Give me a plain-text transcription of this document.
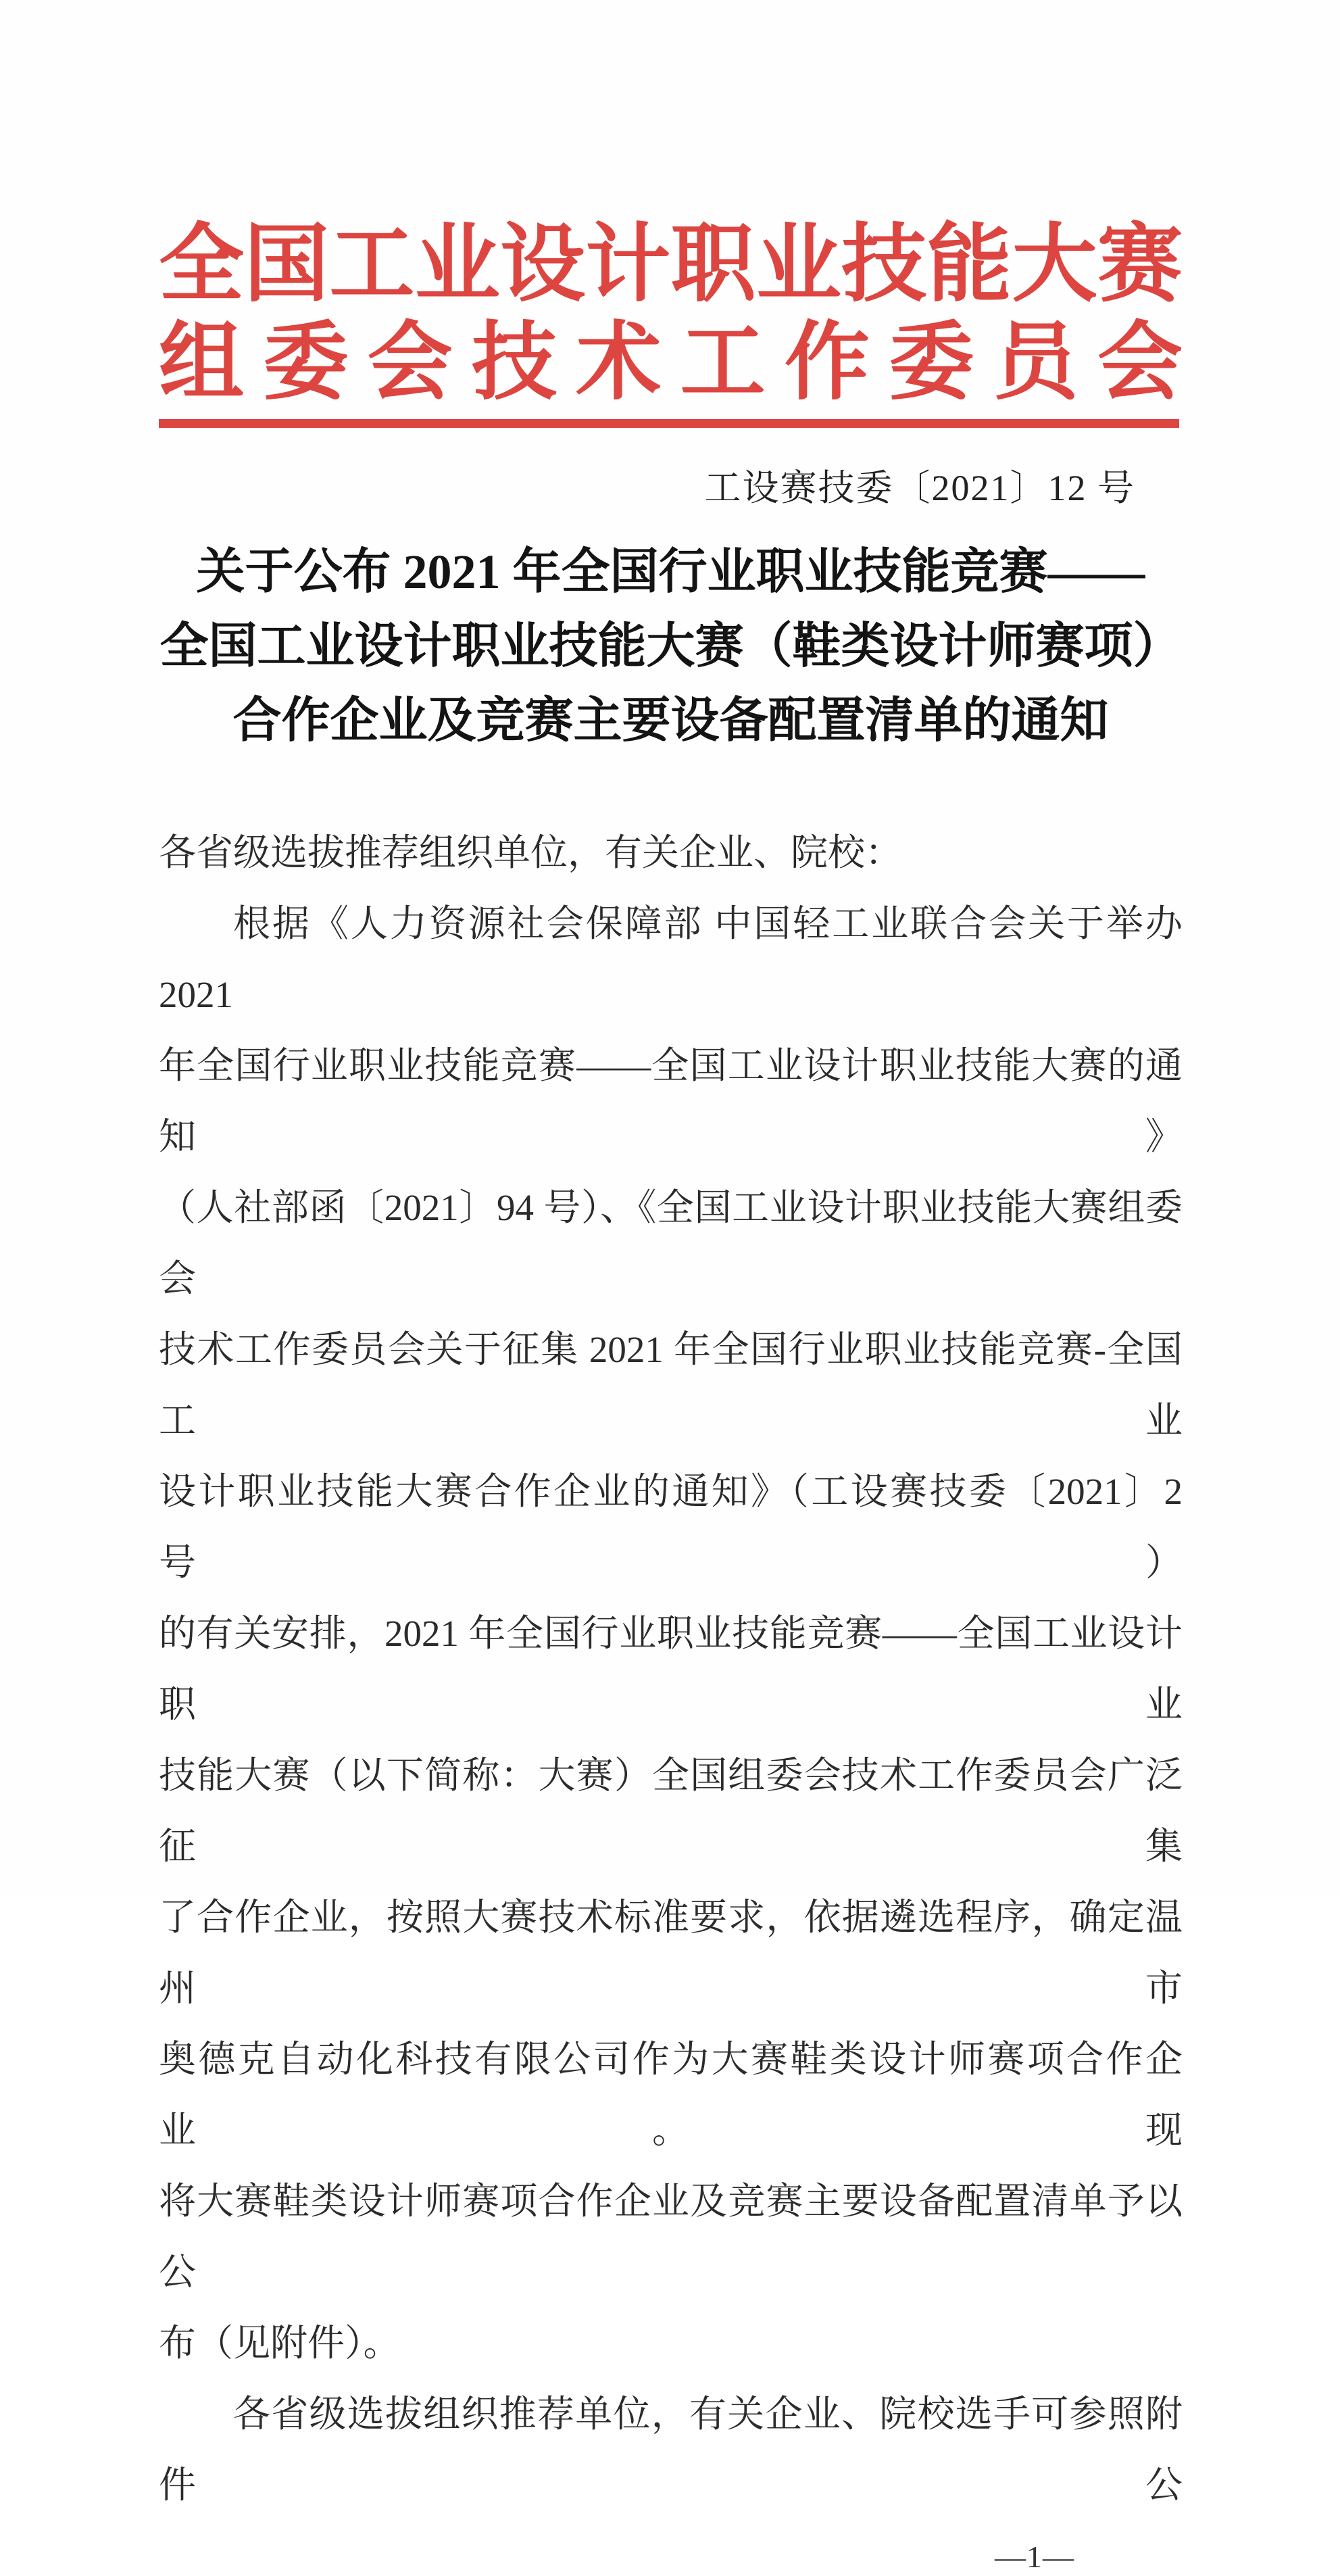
全 国 工 业 设 计 职 业 技 能 大 赛
组 委 会 技 术 工 作 委 员 会
工设赛技委〔2021〕12 号
关于公布 2021 年全国行业职业技能竞赛——
全国工业设计职业技能大赛（鞋类设计师赛项）
合作企业及竞赛主要设备配置清单的通知
各省级选拔推荐组织单位，有关企业、院校：
根据《人力资源社会保障部 中国轻工业联合会关于举办 2021
年全国行业职业技能竞赛——全国工业设计职业技能大赛的通知》
（人社部函〔2021〕94 号）、《全国工业设计职业技能大赛组委会
技术工作委员会关于征集 2021 年全国行业职业技能竞赛-全国工业
设计职业技能大赛合作企业的通知》（工设赛技委〔2021〕2 号）
的有关安排，2021 年全国行业职业技能竞赛——全国工业设计职业
技能大赛（以下简称：大赛）全国组委会技术工作委员会广泛征集
了合作企业，按照大赛技术标准要求，依据遴选程序，确定温州市
奥德克自动化科技有限公司作为大赛鞋类设计师赛项合作企业。现
将大赛鞋类设计师赛项合作企业及竞赛主要设备配置清单予以公
布（见附件）。
各省级选拔组织推荐单位，有关企业、院校选手可参照附件公
—1—
